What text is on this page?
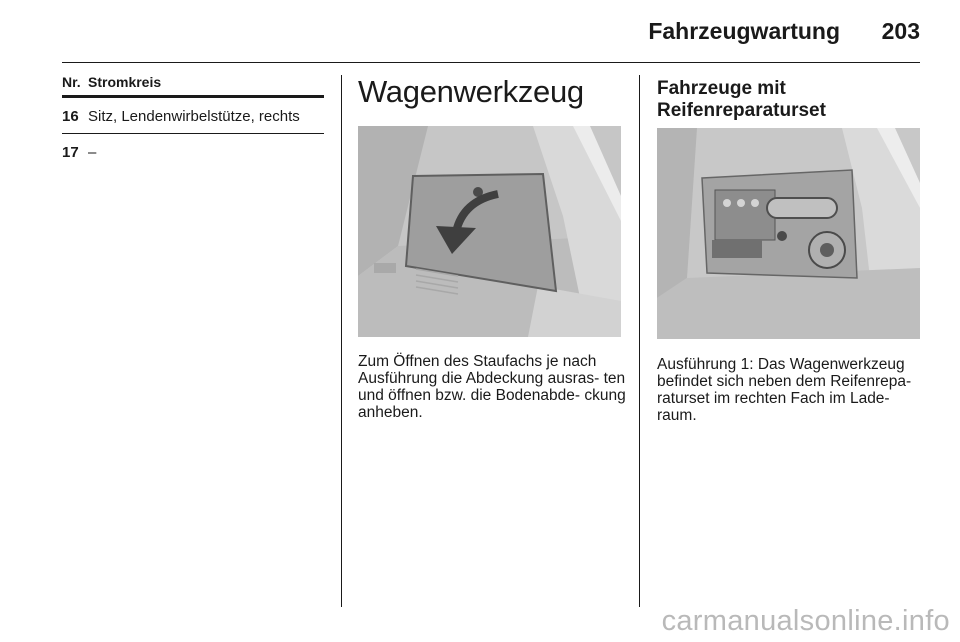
Fahrzeugwartung 203
Nr. Stromkreis
16 Sitz, Lendenwirbelstütze, rechts
17 –
Wagenwerkzeug
Zum Öffnen des Staufachs je nach Ausführung die Abdeckung ausras- ten und öffnen bzw. die Bodenabde- ckung anheben.
Fahrzeuge mit
Reifenreparaturset
Ausführung 1: Das Wagenwerkzeug befindet sich neben dem Reifenrepa- raturset im rechten Fach im Lade- raum.
carmanualsonline.info
